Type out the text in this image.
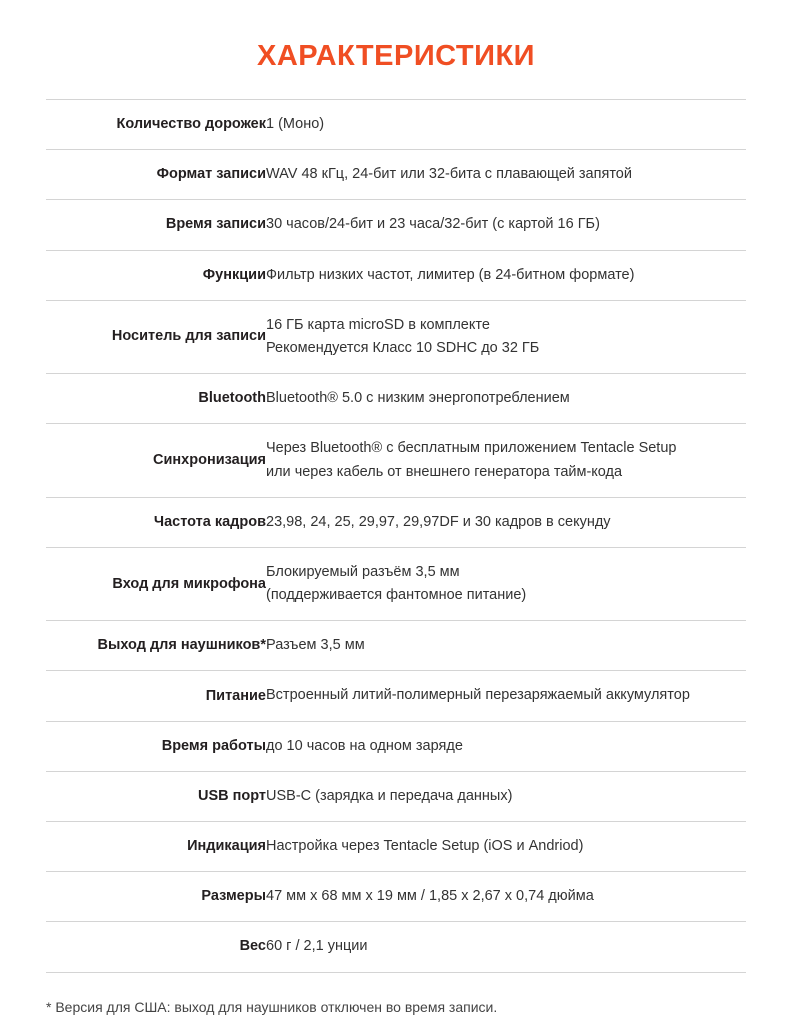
ХАРАКТЕРИСТИКИ
Количество дорожек	1 (Моно)

Формат записи	WAV 48 кГц, 24-бит или 32-бита с плавающей запятой

Время записи	30 часов/24-бит и 23 часа/32-бит (с картой 16 ГБ)

Функции	Фильтр низких частот, лимитер (в 24-битном формате)

Носитель для записи	16 ГБ карта microSD в комплекте
Рекомендуется Класс 10 SDHC до 32 ГБ

Bluetooth	Bluetooth® 5.0 с низким энергопотреблением

Синхронизация	Через Bluetooth® с бесплатным приложением Tentacle Setup
или через кабель от внешнего генератора тайм-кода

Частота кадров	23,98, 24, 25, 29,97, 29,97DF и 30 кадров в секунду

Вход для микрофона	Блокируемый разъём 3,5 мм
(поддерживается фантомное питание)

Выход для наушников*	Разъем 3,5 мм

Питание	Встроенный литий-полимерный перезаряжаемый аккумулятор

Время работы	до 10 часов на одном заряде

USB порт	USB-C (зарядка и передача данных)

Индикация	Настройка через Tentacle Setup (iOS и Andriod)

Размеры	47 мм x 68 мм x 19 мм / 1,85 x 2,67 x 0,74 дюйма

Вес	60 г / 2,1 унции
* Версия для США: выход для наушников отключен во время записи.
